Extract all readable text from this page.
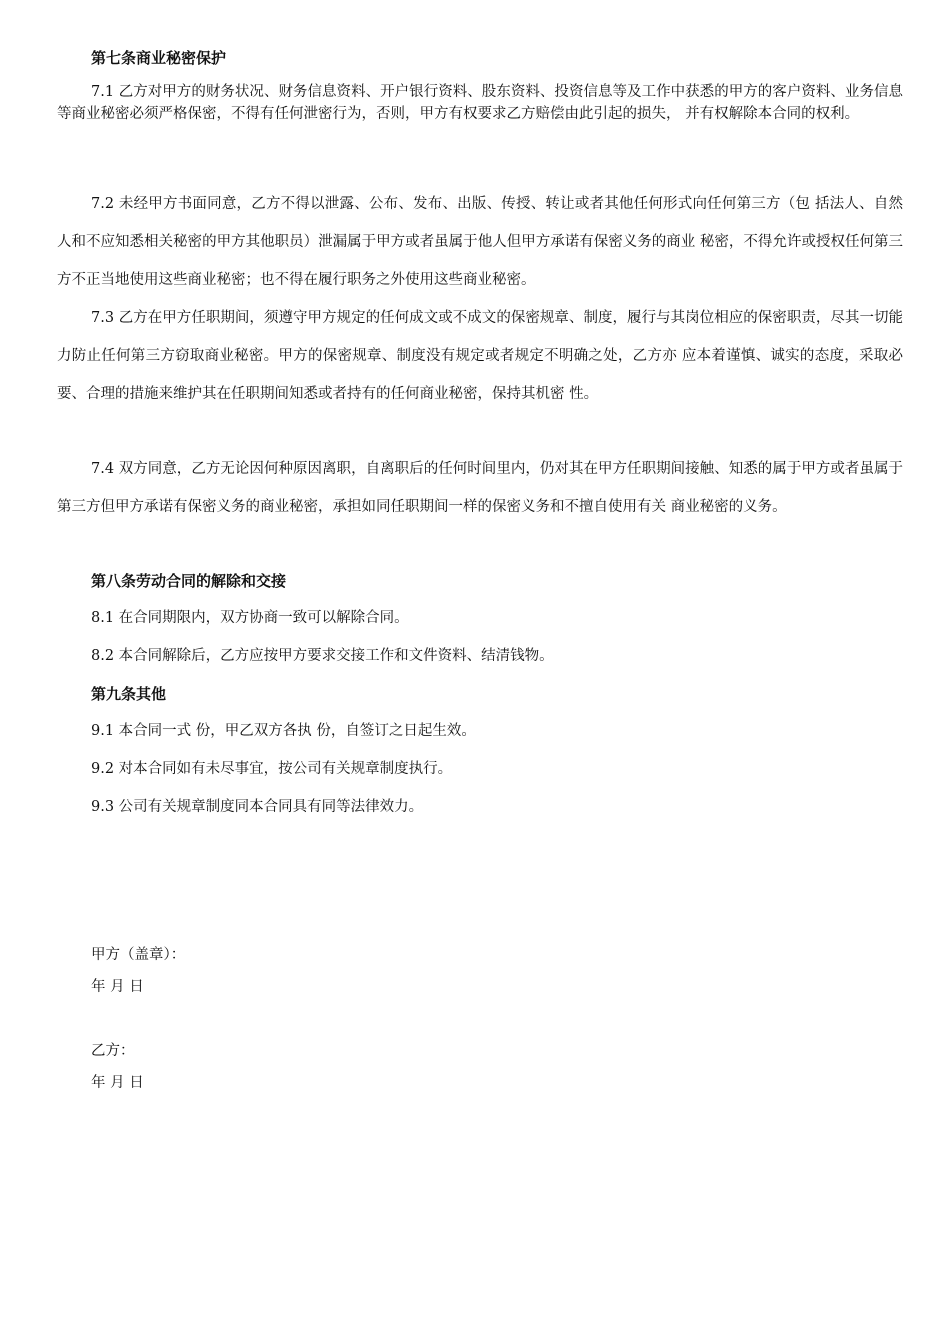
第七条商业秘密保护
7.1 乙方对甲方的财务状况、财务信息资料、开户银行资料、股东资料、投资信息等及工作中获悉的甲方的客户资料、业务信息等商业秘密必须严格保密，不得有任何泄密行为，否则，甲方有权要求乙方赔偿由此引起的损失， 并有权解除本合同的权利。
7.2 未经甲方书面同意，乙方不得以泄露、公布、发布、出版、传授、转让或者其他任何形式向任何第三方（包 括法人、自然人和不应知悉相关秘密的甲方其他职员）泄漏属于甲方或者虽属于他人但甲方承诺有保密义务的商业 秘密，不得允许或授权任何第三方不正当地使用这些商业秘密；也不得在履行职务之外使用这些商业秘密。
7.3 乙方在甲方任职期间，须遵守甲方规定的任何成文或不成文的保密规章、制度，履行与其岗位相应的保密职责，尽其一切能力防止任何第三方窃取商业秘密。甲方的保密规章、制度没有规定或者规定不明确之处，乙方亦 应本着谨慎、诚实的态度，采取必要、合理的措施来维护其在任职期间知悉或者持有的任何商业秘密，保持其机密 性。
7.4 双方同意，乙方无论因何种原因离职，自离职后的任何时间里内，仍对其在甲方任职期间接触、知悉的属于甲方或者虽属于第三方但甲方承诺有保密义务的商业秘密，承担如同任职期间一样的保密义务和不擅自使用有关 商业秘密的义务。
第八条劳动合同的解除和交接
8.1 在合同期限内，双方协商一致可以解除合同。
8.2 本合同解除后，乙方应按甲方要求交接工作和文件资料、结清钱物。
第九条其他
9.1 本合同一式 份，甲乙双方各执 份，自签订之日起生效。
9.2 对本合同如有未尽事宜，按公司有关规章制度执行。
9.3 公司有关规章制度同本合同具有同等法律效力。
甲方（盖章）：
年 月 日
乙方：
年 月 日
